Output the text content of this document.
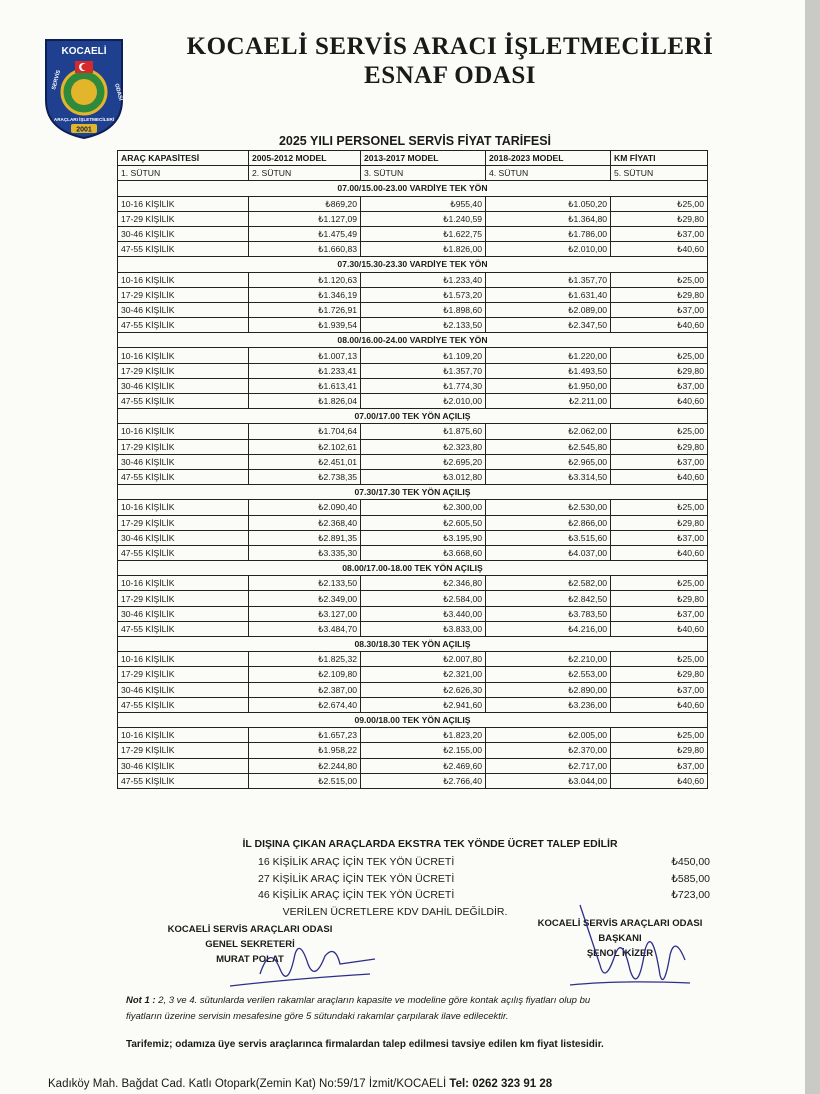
KOCAELİ
SERVİS
ARAÇLARI İŞLETMECİLERİ
ODASI
2001
KOCAELİ SERVİS ARACI İŞLETMECİLERİ
ESNAF ODASI
2025 YILI PERSONEL SERVİS FİYAT TARİFESİ
ARAÇ KAPASİTESİ	2005-2012 MODEL	2013-2017 MODEL	2018-2023 MODEL	KM FİYATI
1. SÜTUN	2. SÜTUN	3. SÜTUN	4. SÜTUN	5. SÜTUN
07.00/15.00-23.00 VARDİYE TEK YÖN				
10-16 KİŞİLİK	₺869,20	₺955,40	₺1.050,20	₺25,00
17-29 KİŞİLİK	₺1.127,09	₺1.240,59	₺1.364,80	₺29,80
30-46 KİŞİLİK	₺1.475,49	₺1.622,75	₺1.786,00	₺37,00
47-55 KİŞİLİK	₺1.660,83	₺1.826,00	₺2.010,00	₺40,60
07.30/15.30-23.30 VARDİYE TEK YÖN				
10-16 KİŞİLİK	₺1.120,63	₺1.233,40	₺1.357,70	₺25,00
17-29 KİŞİLİK	₺1.346,19	₺1.573,20	₺1.631,40	₺29,80
30-46 KİŞİLİK	₺1.726,91	₺1.898,60	₺2.089,00	₺37,00
47-55 KİŞİLİK	₺1.939,54	₺2.133,50	₺2.347,50	₺40,60
08.00/16.00-24.00 VARDİYE TEK YÖN				
10-16 KİŞİLİK	₺1.007,13	₺1.109,20	₺1.220,00	₺25,00
17-29 KİŞİLİK	₺1.233,41	₺1.357,70	₺1.493,50	₺29,80
30-46 KİŞİLİK	₺1.613,41	₺1.774,30	₺1.950,00	₺37,00
47-55 KİŞİLİK	₺1.826,04	₺2.010,00	₺2.211,00	₺40,60
07.00/17.00 TEK YÖN AÇILIŞ				
10-16 KİŞİLİK	₺1.704,64	₺1.875,60	₺2.062,00	₺25,00
17-29 KİŞİLİK	₺2.102,61	₺2.323,80	₺2.545,80	₺29,80
30-46 KİŞİLİK	₺2.451,01	₺2.695,20	₺2.965,00	₺37,00
47-55 KİŞİLİK	₺2.738,35	₺3.012,80	₺3.314,50	₺40,60
07.30/17.30 TEK YÖN AÇILIŞ				
10-16 KİŞİLİK	₺2.090,40	₺2.300,00	₺2.530,00	₺25,00
17-29 KİŞİLİK	₺2.368,40	₺2.605,50	₺2.866,00	₺29,80
30-46 KİŞİLİK	₺2.891,35	₺3.195,90	₺3.515,60	₺37,00
47-55 KİŞİLİK	₺3.335,30	₺3.668,60	₺4.037,00	₺40,60
08.00/17.00-18.00 TEK YÖN AÇILIŞ				
10-16 KİŞİLİK	₺2.133,50	₺2.346,80	₺2.582,00	₺25,00
17-29 KİŞİLİK	₺2.349,00	₺2.584,00	₺2.842,50	₺29,80
30-46 KİŞİLİK	₺3.127,00	₺3.440,00	₺3.783,50	₺37,00
47-55 KİŞİLİK	₺3.484,70	₺3.833,00	₺4.216,00	₺40,60
08.30/18.30 TEK YÖN AÇILIŞ				
10-16 KİŞİLİK	₺1.825,32	₺2.007,80	₺2.210,00	₺25,00
17-29 KİŞİLİK	₺2.109,80	₺2.321,00	₺2.553,00	₺29,80
30-46 KİŞİLİK	₺2.387,00	₺2.626,30	₺2.890,00	₺37,00
47-55 KİŞİLİK	₺2.674,40	₺2.941,60	₺3.236,00	₺40,60
09.00/18.00 TEK YÖN AÇILIŞ				
10-16 KİŞİLİK	₺1.657,23	₺1.823,20	₺2.005,00	₺25,00
17-29 KİŞİLİK	₺1.958,22	₺2.155,00	₺2.370,00	₺29,80
30-46 KİŞİLİK	₺2.244,80	₺2.469,60	₺2.717,00	₺37,00
47-55 KİŞİLİK	₺2.515,00	₺2.766,40	₺3.044,00	₺40,60
İL DIŞINA ÇIKAN ARAÇLARDA EKSTRA TEK YÖNDE ÜCRET TALEP EDİLİR
16 KİŞİLİK ARAÇ İÇİN TEK YÖN ÜCRETİ	₺450,00
27 KİŞİLİK ARAÇ İÇİN TEK YÖN ÜCRETİ	₺585,00
46 KİŞİLİK ARAÇ İÇİN TEK YÖN ÜCRETİ	₺723,00
VERİLEN ÜCRETLERE KDV DAHİL DEĞİLDİR.
KOCAELİ SERVİS ARAÇLARI ODASI
GENEL SEKRETERİ
MURAT POLAT
KOCAELİ SERVİS ARAÇLARI ODASI
BAŞKANI
ŞENOL İKİZER
Not 1 : 2, 3 ve 4. sütunlarda verilen rakamlar araçların kapasite ve modeline göre kontak açılış fiyatları olup bu
fiyatların üzerine servisin mesafesine göre 5 sütundaki rakamlar çarpılarak ilave edilecektir.
Tarifemiz; odamıza üye servis araçlarınca firmalardan talep edilmesi tavsiye edilen km fiyat listesidir.
Kadıköy Mah. Bağdat Cad. Katlı Otopark(Zemin Kat) No:59/17 İzmit/KOCAELİ Tel: 0262 323 91 28
